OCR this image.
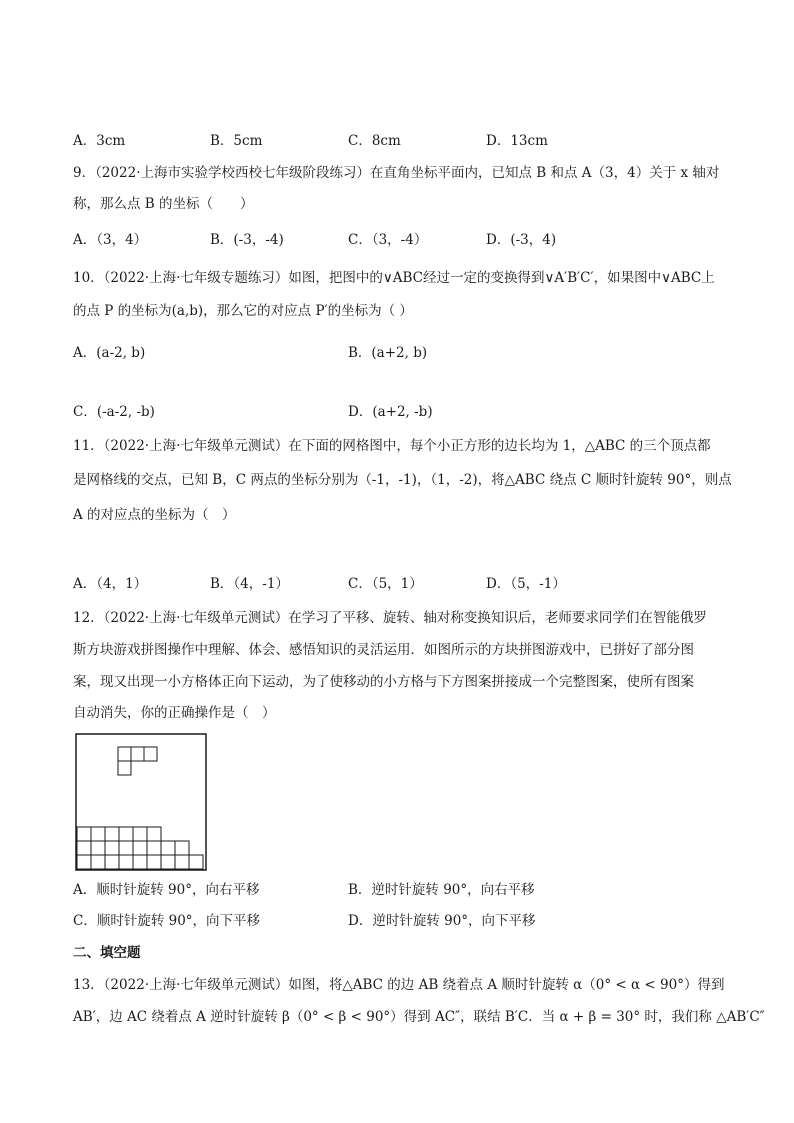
A．3cm	B．5cm	C．8cm	D．13cm
9．（2022·上海市实验学校西校七年级阶段练习）在直角坐标平面内，已知点 B 和点 A（3，4）关于 x 轴对
称，那么点 B 的坐标（　　）
A．（3，4）	B．(-3，-4)	C．（3，-4）	D．(-3，4)
10．（2022·上海·七年级专题练习）如图，把图中的∨ABC经过一定的变换得到∨A′B′C′，如果图中∨ABC上
的点 P 的坐标为(a,b)，那么它的对应点 P′的坐标为（ ）
A．(a-2, b)	B．(a+2, b)
C．(-a-2, -b)	D．(a+2, -b)
11．（2022·上海·七年级单元测试）在下面的网格图中，每个小正方形的边长均为 1，△ABC 的三个顶点都
是网格线的交点，已知 B，C 两点的坐标分别为（-1，-1)，（1，-2)，将△ABC 绕点 C 顺时针旋转 90°，则点
A 的对应点的坐标为（　）
A．（4，1）	B．（4，-1）	C．（5，1）	D．（5，-1）
12．（2022·上海·七年级单元测试）在学习了平移、旋转、轴对称变换知识后，老师要求同学们在智能俄罗
斯方块游戏拼图操作中理解、体会、感悟知识的灵活运用．如图所示的方块拼图游戏中，已拼好了部分图
案，现又出现一小方格体正向下运动，为了使移动的小方格与下方图案拼接成一个完整图案，使所有图案
自动消失，你的正确操作是（　）
A．顺时针旋转 90°，向右平移	B．逆时针旋转 90°，向右平移
C．顺时针旋转 90°，向下平移	D．逆时针旋转 90°，向下平移
二、填空题
13．（2022·上海·七年级单元测试）如图，将△ABC 的边 AB 绕着点 A 顺时针旋转 α（0° < α < 90°）得到
AB′，边 AC 绕着点 A 逆时针旋转 β（0° < β < 90°）得到 AC″，联结 B′C．当 α + β = 30° 时，我们称 △AB′C″
